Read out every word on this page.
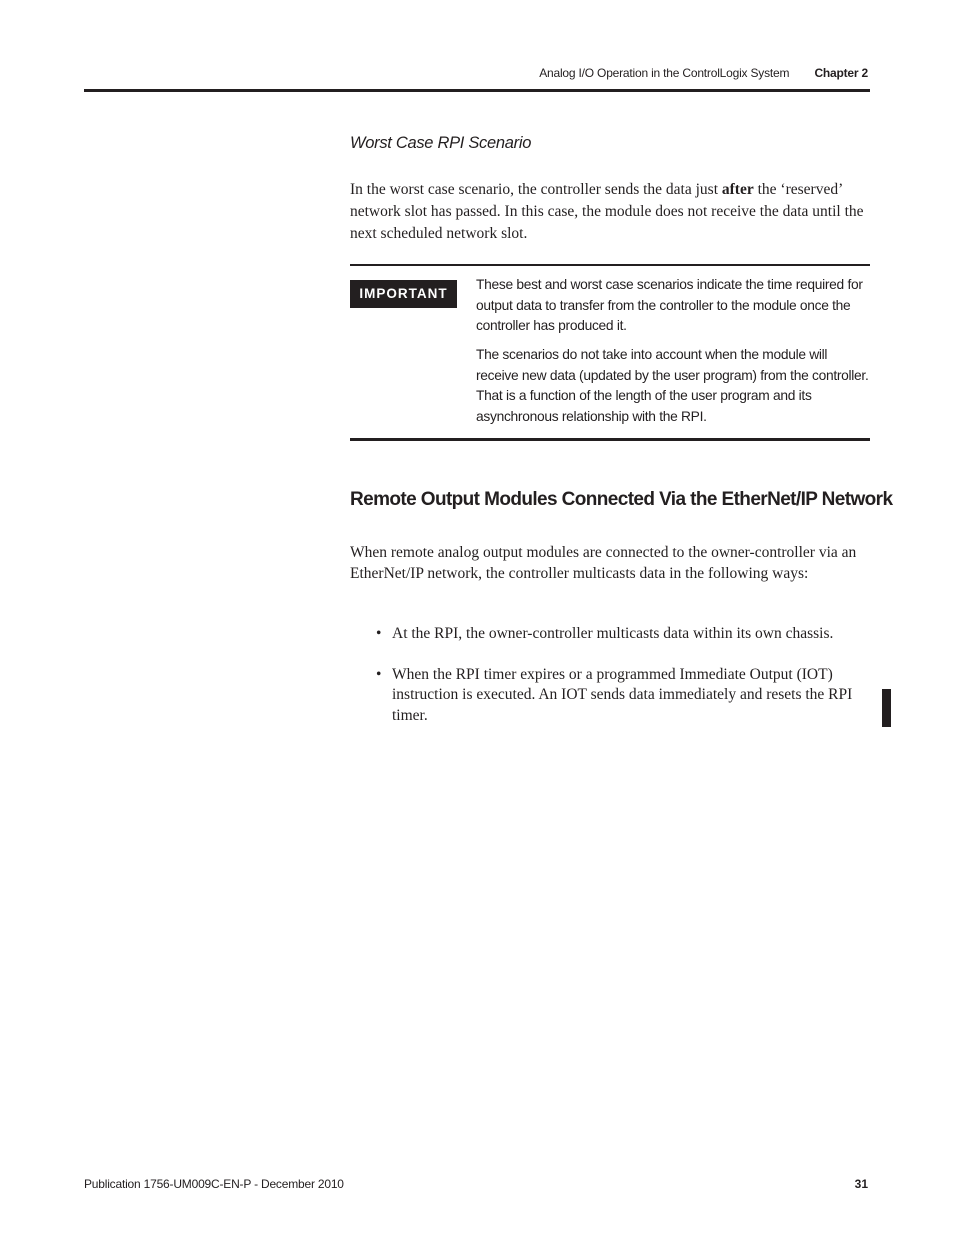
Analog I/O Operation in the ControlLogix System Chapter 2
Worst Case RPI Scenario

In the worst case scenario, the controller sends the data just after the ‘reserved’ network slot has passed. In this case, the module does not receive the data until the next scheduled network slot.

IMPORTANT

These best and worst case scenarios indicate the time required for output data to transfer from the controller to the module once the controller has produced it.

The scenarios do not take into account when the module will receive new data (updated by the user program) from the controller. That is a function of the length of the user program and its asynchronous relationship with the RPI.

Remote Output Modules Connected Via the EtherNet/IP Network

When remote analog output modules are connected to the owner-controller via an EtherNet/IP network, the controller multicasts data in the following ways:

• At the RPI, the owner-controller multicasts data within its own chassis.
• When the RPI timer expires or a programmed Immediate Output (IOT) instruction is executed. An IOT sends data immediately and resets the RPI timer.
Publication 1756-UM009C-EN-P - December 2010	31
